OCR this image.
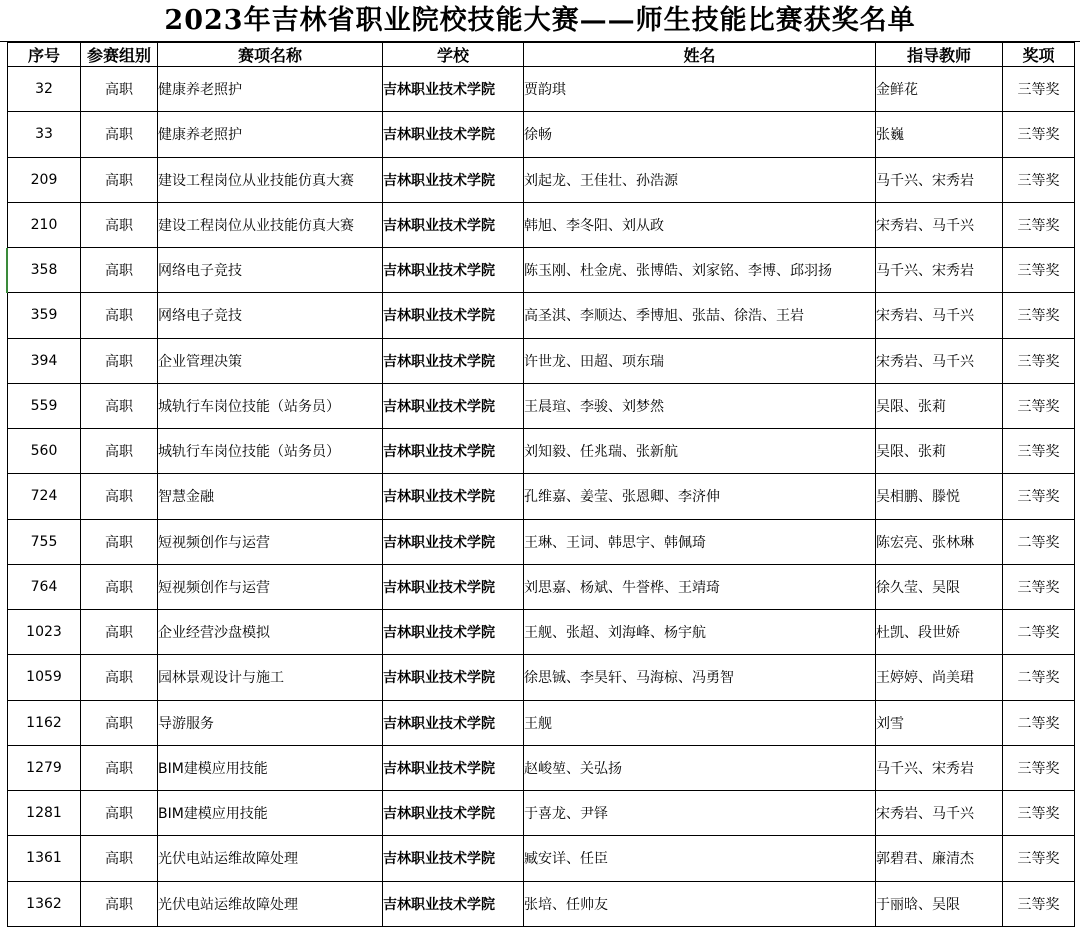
2023年吉林省职业院校技能大赛——师生技能比赛获奖名单
序号	参赛组别	赛项名称	学校	姓名	指导教师	奖项
32	高职	健康养老照护	吉林职业技术学院	贾韵琪	金鲜花	三等奖
33	高职	健康养老照护	吉林职业技术学院	徐畅	张巍	三等奖
209	高职	建设工程岗位从业技能仿真大赛	吉林职业技术学院	刘起龙、王佳壮、孙浩源	马千兴、宋秀岩	三等奖
210	高职	建设工程岗位从业技能仿真大赛	吉林职业技术学院	韩旭、李冬阳、刘从政	宋秀岩、马千兴	三等奖
358	高职	网络电子竞技	吉林职业技术学院	陈玉刚、杜金虎、张博皓、刘家铭、李博、邱羽扬	马千兴、宋秀岩	三等奖
359	高职	网络电子竞技	吉林职业技术学院	高圣淇、李顺达、季博旭、张喆、徐浩、王岩	宋秀岩、马千兴	三等奖
394	高职	企业管理决策	吉林职业技术学院	许世龙、田超、项东瑞	宋秀岩、马千兴	三等奖
559	高职	城轨行车岗位技能（站务员）	吉林职业技术学院	王晨瑄、李骏、刘梦然	吴限、张莉	三等奖
560	高职	城轨行车岗位技能（站务员）	吉林职业技术学院	刘知毅、任兆瑞、张新航	吴限、张莉	三等奖
724	高职	智慧金融	吉林职业技术学院	孔维嘉、姜莹、张恩卿、李济伸	吴相鹏、滕悦	三等奖
755	高职	短视频创作与运营	吉林职业技术学院	王琳、王词、韩思宇、韩佩琦	陈宏亮、张林琳	二等奖
764	高职	短视频创作与运营	吉林职业技术学院	刘思嘉、杨斌、牛誉桦、王靖琦	徐久莹、吴限	三等奖
1023	高职	企业经营沙盘模拟	吉林职业技术学院	王舰、张超、刘海峰、杨宇航	杜凯、段世娇	二等奖
1059	高职	园林景观设计与施工	吉林职业技术学院	徐思铖、李昊轩、马海椋、冯勇智	王婷婷、尚美珺	二等奖
1162	高职	导游服务	吉林职业技术学院	王舰	刘雪	二等奖
1279	高职	BIM建模应用技能	吉林职业技术学院	赵峻堃、关弘扬	马千兴、宋秀岩	三等奖
1281	高职	BIM建模应用技能	吉林职业技术学院	于喜龙、尹铎	宋秀岩、马千兴	三等奖
1361	高职	光伏电站运维故障处理	吉林职业技术学院	臧安详、任臣	郭碧君、廉清杰	三等奖
1362	高职	光伏电站运维故障处理	吉林职业技术学院	张培、任帅友	于丽晗、吴限	三等奖
